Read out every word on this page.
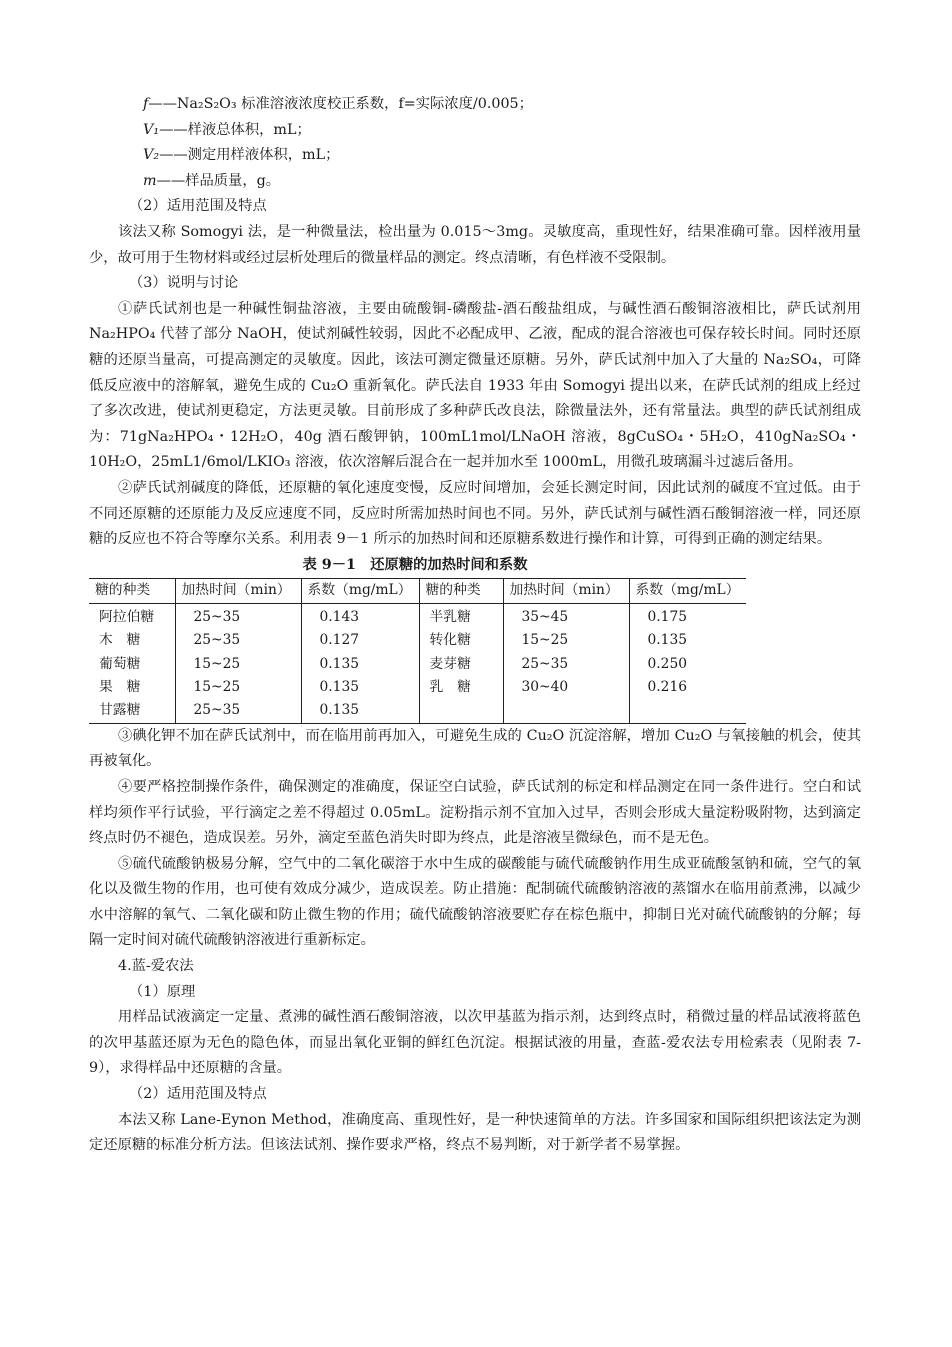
f——Na₂S₂O₃ 标准溶液浓度校正系数，f=实际浓度/0.005；

V₁——样液总体积，mL；

V₂——测定用样液体积，mL；

m——样品质量，g。

（2）适用范围及特点

该法又称 Somogyi 法，是一种微量法，检出量为 0.015～3mg。灵敏度高，重现性好，结果准确可靠。因样液用量少，故可用于生物材料或经过层析处理后的微量样品的测定。终点清晰，有色样液不受限制。

（3）说明与讨论

①萨氏试剂也是一种碱性铜盐溶液，主要由硫酸铜-磷酸盐-酒石酸盐组成，与碱性酒石酸铜溶液相比，萨氏试剂用 Na₂HPO₄ 代替了部分 NaOH，使试剂碱性较弱，因此不必配成甲、乙液，配成的混合溶液也可保存较长时间。同时还原糖的还原当量高，可提高测定的灵敏度。因此，该法可测定微量还原糖。另外，萨氏试剂中加入了大量的 Na₂SO₄，可降低反应液中的溶解氧，避免生成的 Cu₂O 重新氧化。萨氏法自 1933 年由 Somogyi 提出以来，在萨氏试剂的组成上经过了多次改进，使试剂更稳定，方法更灵敏。目前形成了多种萨氏改良法，除微量法外，还有常量法。典型的萨氏试剂组成为：71gNa₂HPO₄・12H₂O，40g 酒石酸钾钠，100mL1mol/LNaOH 溶液，8gCuSO₄・5H₂O，410gNa₂SO₄・10H₂O，25mL1/6mol/LKIO₃ 溶液，依次溶解后混合在一起并加水至 1000mL，用微孔玻璃漏斗过滤后备用。

②萨氏试剂碱度的降低，还原糖的氧化速度变慢，反应时间增加，会延长测定时间，因此试剂的碱度不宜过低。由于不同还原糖的还原能力及反应速度不同，反应时所需加热时间也不同。另外，萨氏试剂与碱性酒石酸铜溶液一样，同还原糖的反应也不符合等摩尔关系。利用表 9－1 所示的加热时间和还原糖系数进行操作和计算，可得到正确的测定结果。

表 9－1　还原糖的加热时间和系数

糖的种类	加热时间（min）	系数（mg/mL）	糖的种类	加热时间（min）	系数（mg/mL）
阿拉伯糖	25~35	0.143	半乳糖	35~45	0.175
木　糖	25~35	0.127	转化糖	15~25	0.135
葡萄糖	15~25	0.135	麦芽糖	25~35	0.250
果　糖	15~25	0.135	乳　糖	30~40	0.216
甘露糖	25~35	0.135			

③碘化钾不加在萨氏试剂中，而在临用前再加入，可避免生成的 Cu₂O 沉淀溶解，增加 Cu₂O 与氧接触的机会，使其再被氧化。

④要严格控制操作条件，确保测定的准确度，保证空白试验，萨氏试剂的标定和样品测定在同一条件进行。空白和试样均须作平行试验，平行滴定之差不得超过 0.05mL。淀粉指示剂不宜加入过早，否则会形成大量淀粉吸附物，达到滴定终点时仍不褪色，造成误差。另外，滴定至蓝色消失时即为终点，此是溶液呈微绿色，而不是无色。

⑤硫代硫酸钠极易分解，空气中的二氧化碳溶于水中生成的碳酸能与硫代硫酸钠作用生成亚硫酸氢钠和硫，空气的氧化以及微生物的作用，也可使有效成分减少，造成误差。防止措施：配制硫代硫酸钠溶液的蒸馏水在临用前煮沸，以减少水中溶解的氧气、二氧化碳和防止微生物的作用；硫代硫酸钠溶液要贮存在棕色瓶中，抑制日光对硫代硫酸钠的分解；每隔一定时间对硫代硫酸钠溶液进行重新标定。

4.蓝-爱农法

（1）原理

用样品试液滴定一定量、煮沸的碱性酒石酸铜溶液，以次甲基蓝为指示剂，达到终点时，稍微过量的样品试液将蓝色的次甲基蓝还原为无色的隐色体，而显出氧化亚铜的鲜红色沉淀。根据试液的用量，查蓝-爱农法专用检索表（见附表 7-9），求得样品中还原糖的含量。

（2）适用范围及特点

本法又称 Lane-Eynon Method，准确度高、重现性好，是一种快速简单的方法。许多国家和国际组织把该法定为测定还原糖的标准分析方法。但该法试剂、操作要求严格，终点不易判断，对于新学者不易掌握。
